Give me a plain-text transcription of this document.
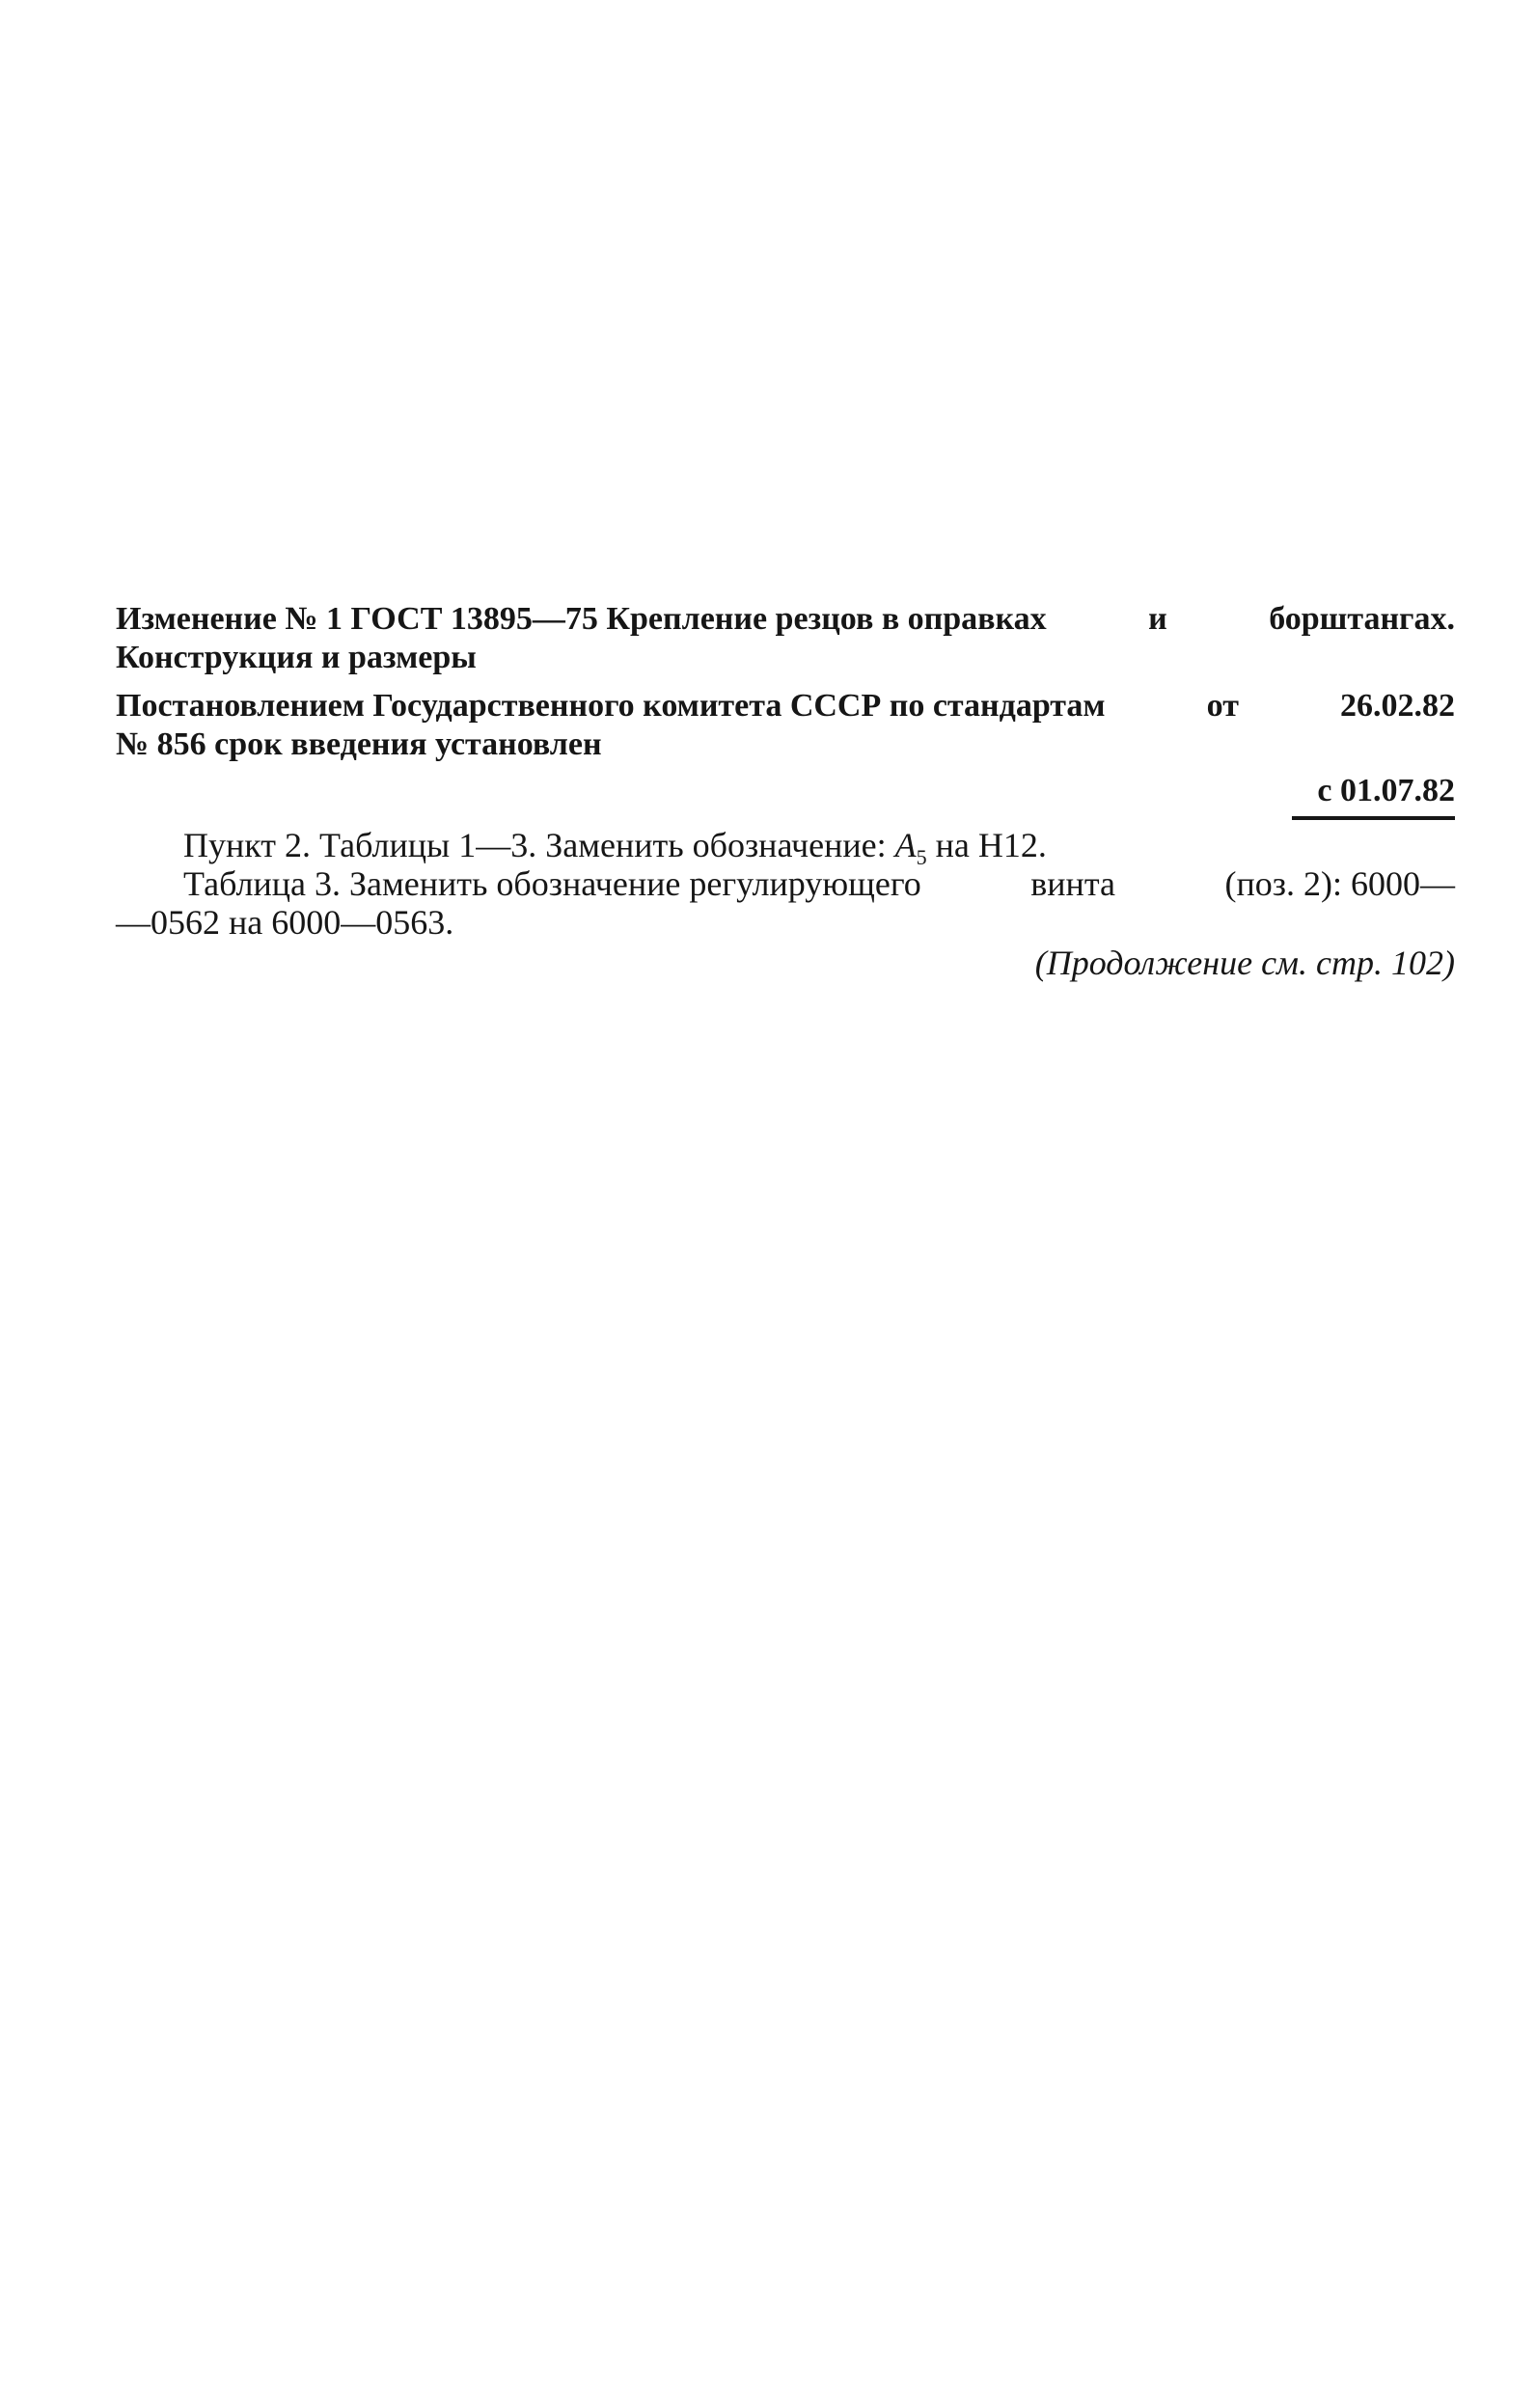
Изменение № 1 ГОСТ 13895—75 Крепление резцов в оправках	и	борштангах.
Конструкция и размеры
Постановлением Государственного комитета СССР по стандартам	от	26.02.82
№ 856 срок введения установлен
с 01.07.82
Пункт 2. Таблицы 1—3. Заменить обозначение: $A_5$ на H12.
Таблица 3. Заменить обозначение регулирующего	винта	(поз. 2): 6000—
—0562 на 6000—0563.
(Продолжение см. стр. 102)
